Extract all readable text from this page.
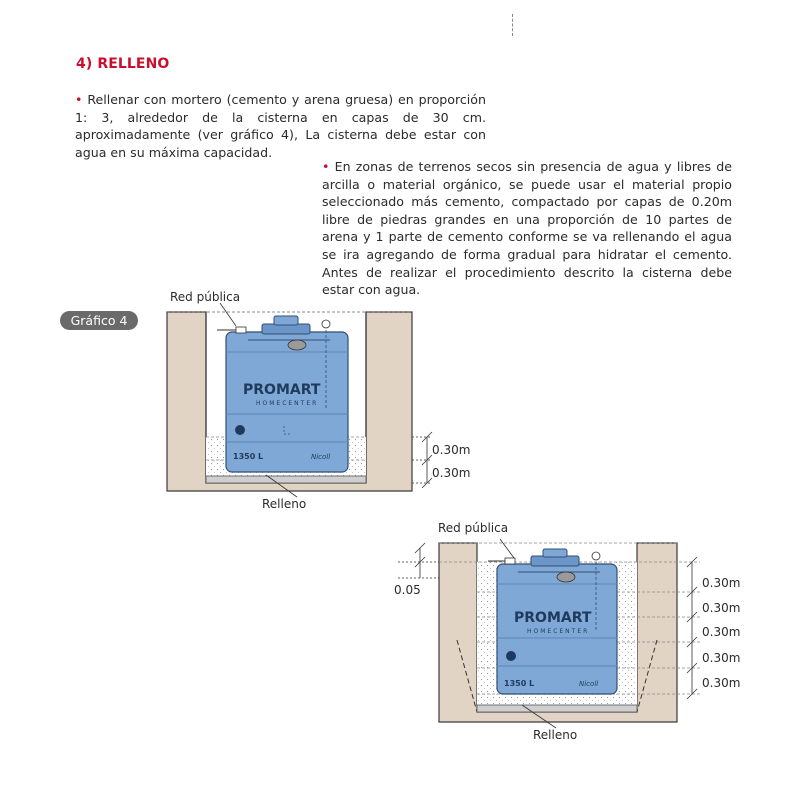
4) RELLENO
• Rellenar con mortero (cemento y arena gruesa) en proporción 1: 3, alrededor de la cisterna en capas de 30 cm. aproximadamente (ver gráfico 4), La cisterna debe estar con agua en su máxima capacidad.
• En zonas de terrenos secos sin presencia de agua y libres de arcilla o material orgánico, se puede usar el material propio seleccionado más cemento, compactado por capas de 0.20m libre de piedras grandes en una proporción de 10 partes de arena y 1 parte de cemento conforme se va rellenando el agua se ira agregando de forma gradual para hidratar el cemento. Antes de realizar el procedimiento descrito la cisterna debe estar con agua.
Gráfico 4
Red pública
Relleno
0.30m
0.30m
PROMART
HOMECENTER
1350 L	Nicoll
Red pública
Relleno
0.05	0.30m
0.30m
0.30m
0.30m
0.30m
PROMART
HOMECENTER
1350 L	Nicoll
